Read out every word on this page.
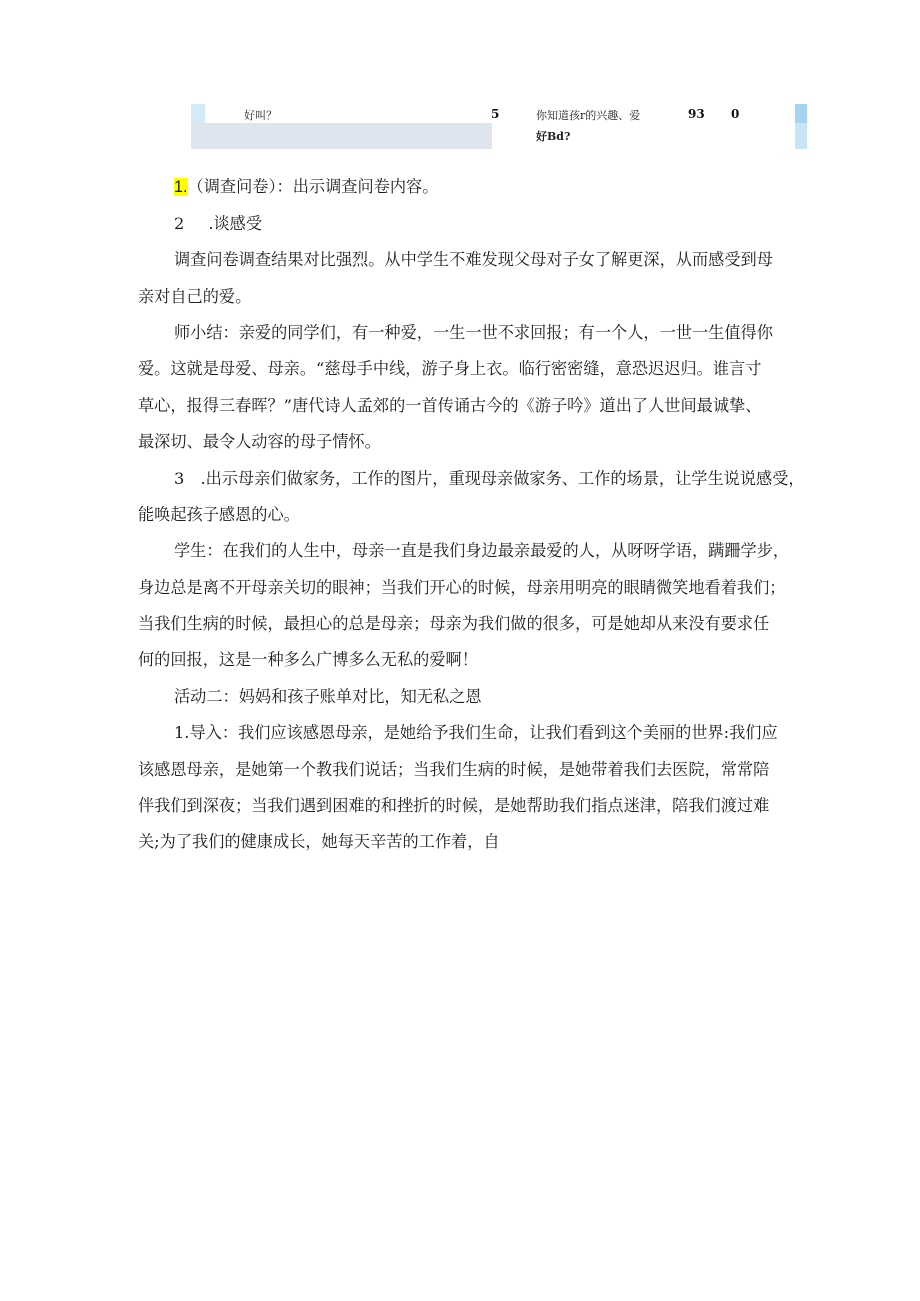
好叫？	5	你知道孩r的兴趣、爱
好Bd?
93 0
1.（调查问卷）：出示调查问卷内容。
2 .谈感受
调查问卷调查结果对比强烈。从中学生不难发现父母对子女了解更深，从而感受到母
亲对自己的爱。
师小结：亲爱的同学们，有一种爱，一生一世不求回报；有一个人，一世一生值得你
爱。这就是母爱、母亲。“慈母手中线，游子身上衣。临行密密缝，意恐迟迟归。谁言寸
草心，报得三春晖？”唐代诗人孟郊的一首传诵古今的《游子吟》道出了人世间最诚挚、
最深切、最令人动容的母子情怀。
3　.出示母亲们做家务，工作的图片，重现母亲做家务、工作的场景，让学生说说感受，
能唤起孩子感恩的心。
学生：在我们的人生中，母亲一直是我们身边最亲最爱的人，从呀呀学语，蹒跚学步，
身边总是离不开母亲关切的眼神；当我们开心的时候，母亲用明亮的眼睛微笑地看着我们；
当我们生病的时候，最担心的总是母亲；母亲为我们做的很多，可是她却从来没有要求任
何的回报，这是一种多么广博多么无私的爱啊！
活动二：妈妈和孩子账单对比，知无私之恩
1.导入：我们应该感恩母亲，是她给予我们生命，让我们看到这个美丽的世界:我们应
该感恩母亲，是她第一个教我们说话；当我们生病的时候，是她带着我们去医院，常常陪
伴我们到深夜；当我们遇到困难的和挫折的时候，是她帮助我们指点迷津，陪我们渡过难
关;为了我们的健康成长，她每天辛苦的工作着，自
